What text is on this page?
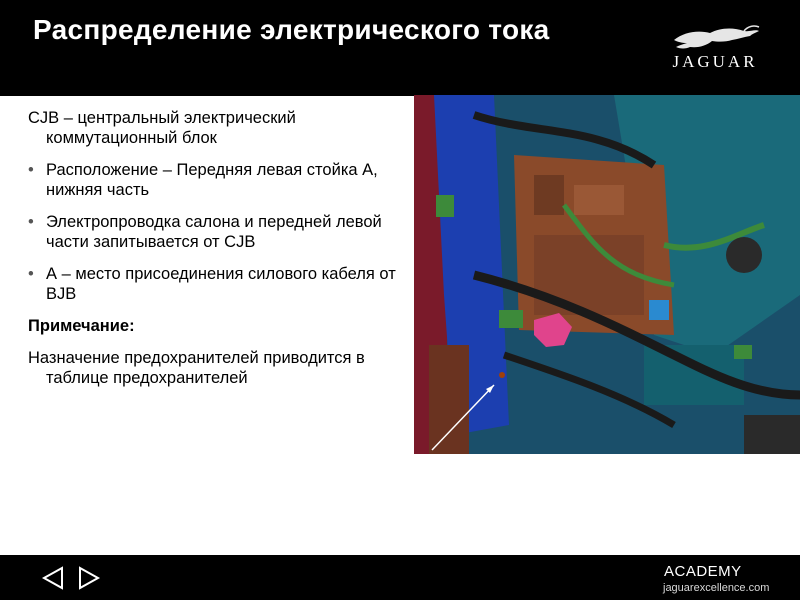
Распределение электрического тока
JAGUAR

CJB – центральный электрический коммутационный блок

• Расположение – Передняя левая стойка А, нижняя часть

• Электропроводка салона и передней левой части запитывается от CJB

• А – место присоединения силового кабеля от BJB

Примечание:

Назначение предохранителей приводится в таблице предохранителей

ACADEMY
jaguarexcellence.com
